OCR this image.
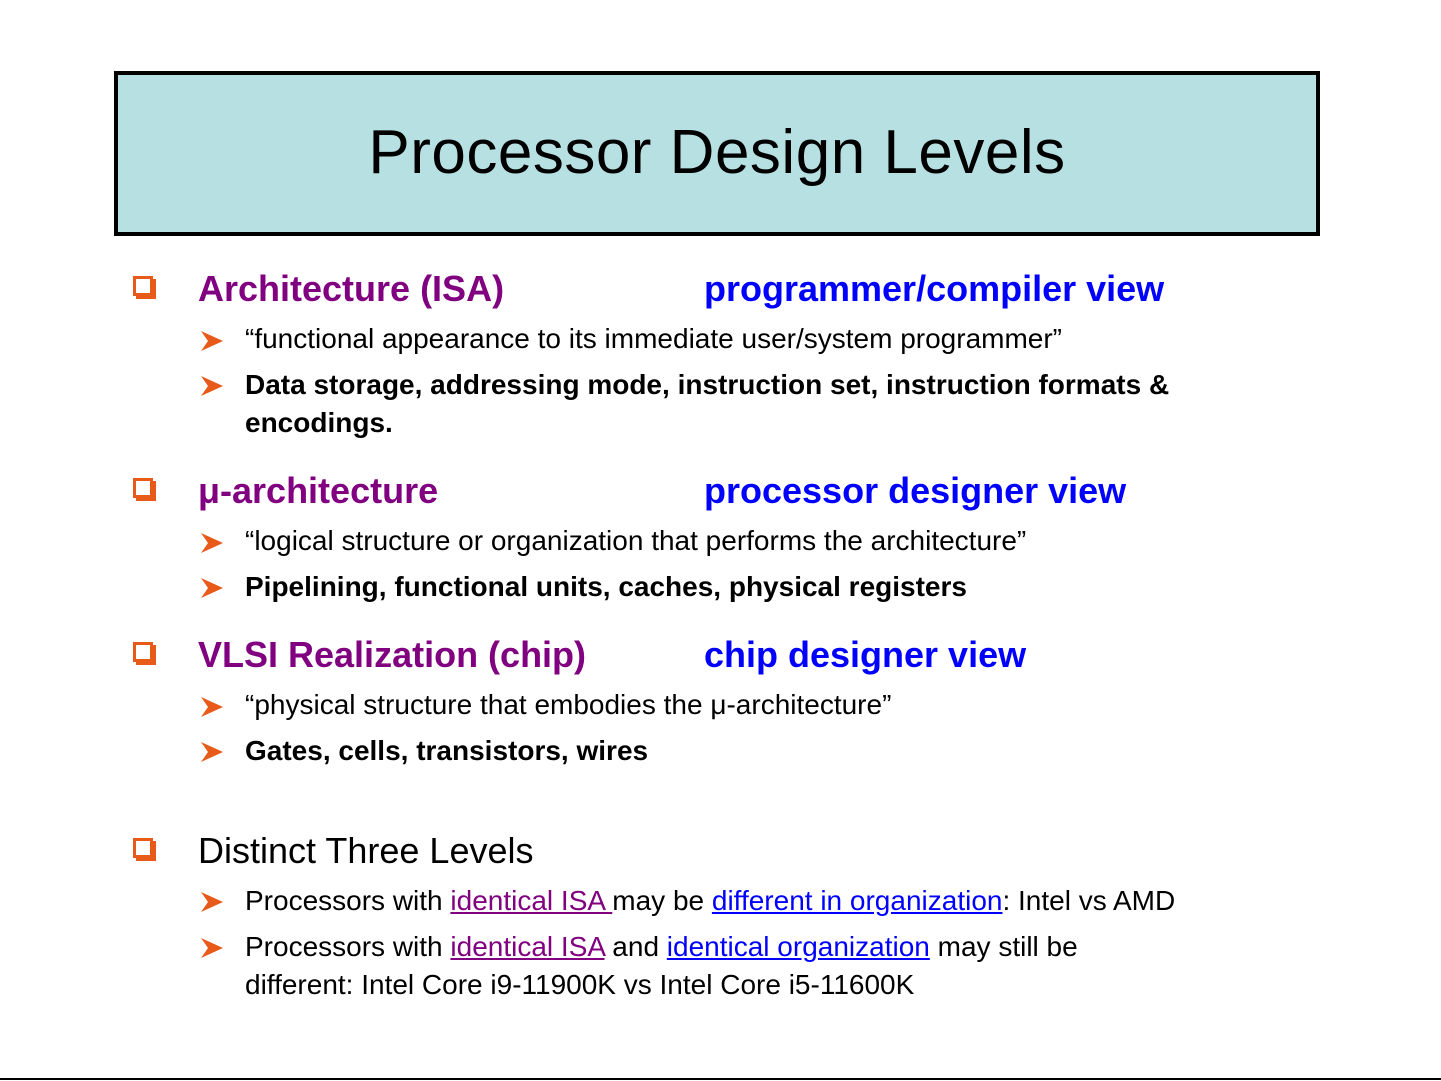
Processor Design Levels
Architecture (ISA)	programmer/compiler view
“functional appearance to its immediate user/system programmer”
Data storage, addressing mode, instruction set, instruction formats & encodings.
μ-architecture	processor designer view
“logical structure or organization that performs the architecture”
Pipelining, functional units, caches, physical registers
VLSI Realization (chip)	chip designer view
“physical structure that embodies the μ-architecture”
Gates, cells, transistors, wires
Distinct Three Levels
Processors with identical ISA may be different in organization: Intel vs AMD
Processors with identical ISA and identical organization may still be
different: Intel Core i9-11900K vs Intel Core i5-11600K
